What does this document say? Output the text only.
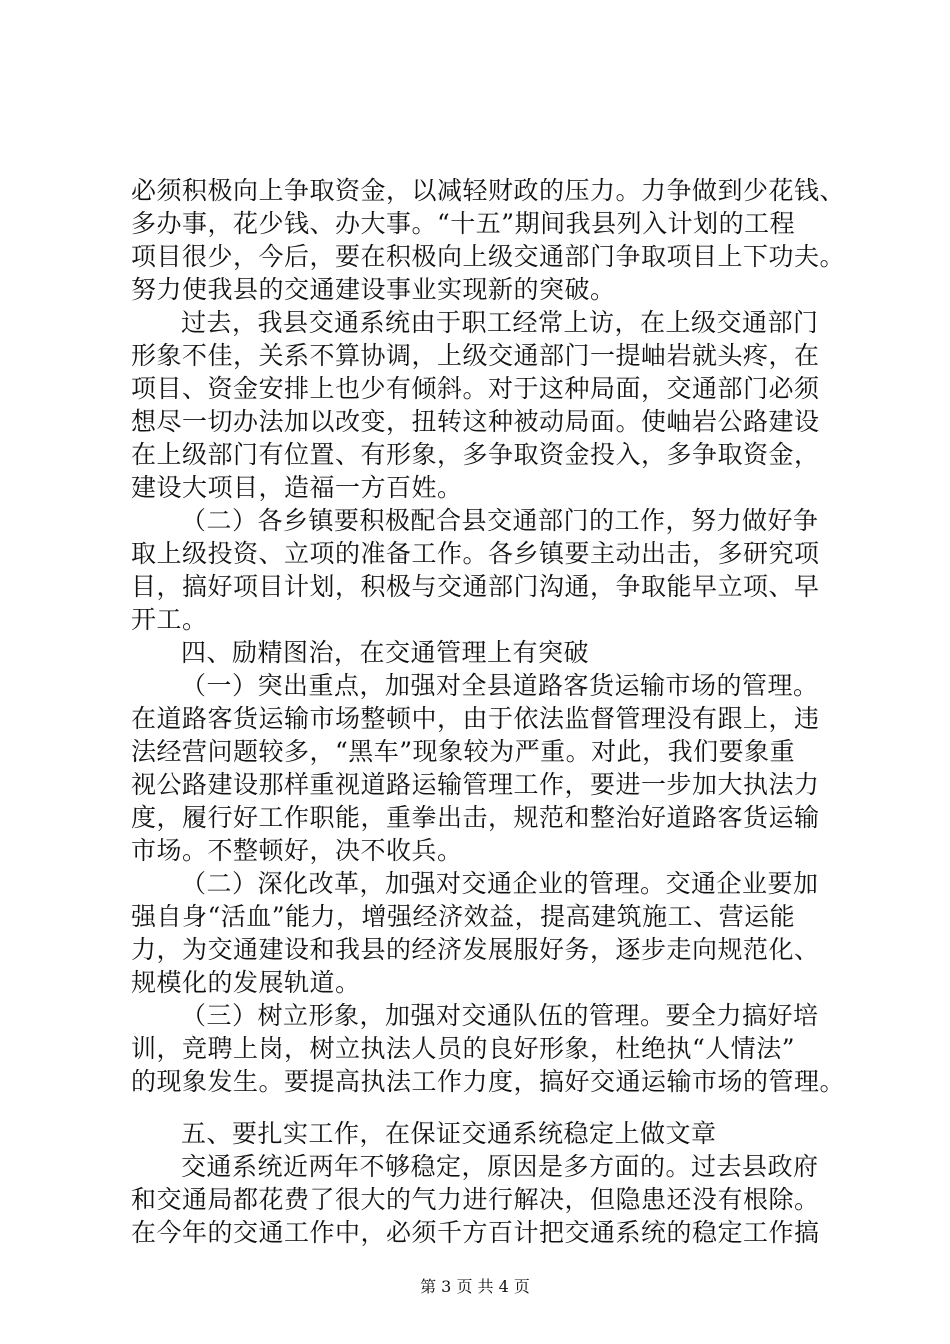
必须积极向上争取资金，以减轻财政的压力。力争做到少花钱、
多办事，花少钱、办大事。“十五”期间我县列入计划的工程
项目很少，今后，要在积极向上级交通部门争取项目上下功夫。
努力使我县的交通建设事业实现新的突破。
过去，我县交通系统由于职工经常上访，在上级交通部门
形象不佳，关系不算协调，上级交通部门一提岫岩就头疼，在
项目、资金安排上也少有倾斜。对于这种局面，交通部门必须
想尽一切办法加以改变，扭转这种被动局面。使岫岩公路建设
在上级部门有位置、有形象，多争取资金投入，多争取资金，
建设大项目，造福一方百姓。
（二）各乡镇要积极配合县交通部门的工作，努力做好争
取上级投资、立项的准备工作。各乡镇要主动出击，多研究项
目，搞好项目计划，积极与交通部门沟通，争取能早立项、早
开工。
四、励精图治，在交通管理上有突破
（一）突出重点，加强对全县道路客货运输市场的管理。
在道路客货运输市场整顿中，由于依法监督管理没有跟上，违
法经营问题较多，“黑车”现象较为严重。对此，我们要象重
视公路建设那样重视道路运输管理工作，要进一步加大执法力
度，履行好工作职能，重拳出击，规范和整治好道路客货运输
市场。不整顿好，决不收兵。
（二）深化改革，加强对交通企业的管理。交通企业要加
强自身“活血”能力，增强经济效益，提高建筑施工、营运能
力，为交通建设和我县的经济发展服好务，逐步走向规范化、
规模化的发展轨道。
（三）树立形象，加强对交通队伍的管理。要全力搞好培
训，竞聘上岗，树立执法人员的良好形象，杜绝执“人情法”
的现象发生。要提高执法工作力度，搞好交通运输市场的管理。
五、要扎实工作，在保证交通系统稳定上做文章
交通系统近两年不够稳定，原因是多方面的。过去县政府
和交通局都花费了很大的气力进行解决，但隐患还没有根除。
在今年的交通工作中，必须千方百计把交通系统的稳定工作搞
第 3 页 共 4 页
